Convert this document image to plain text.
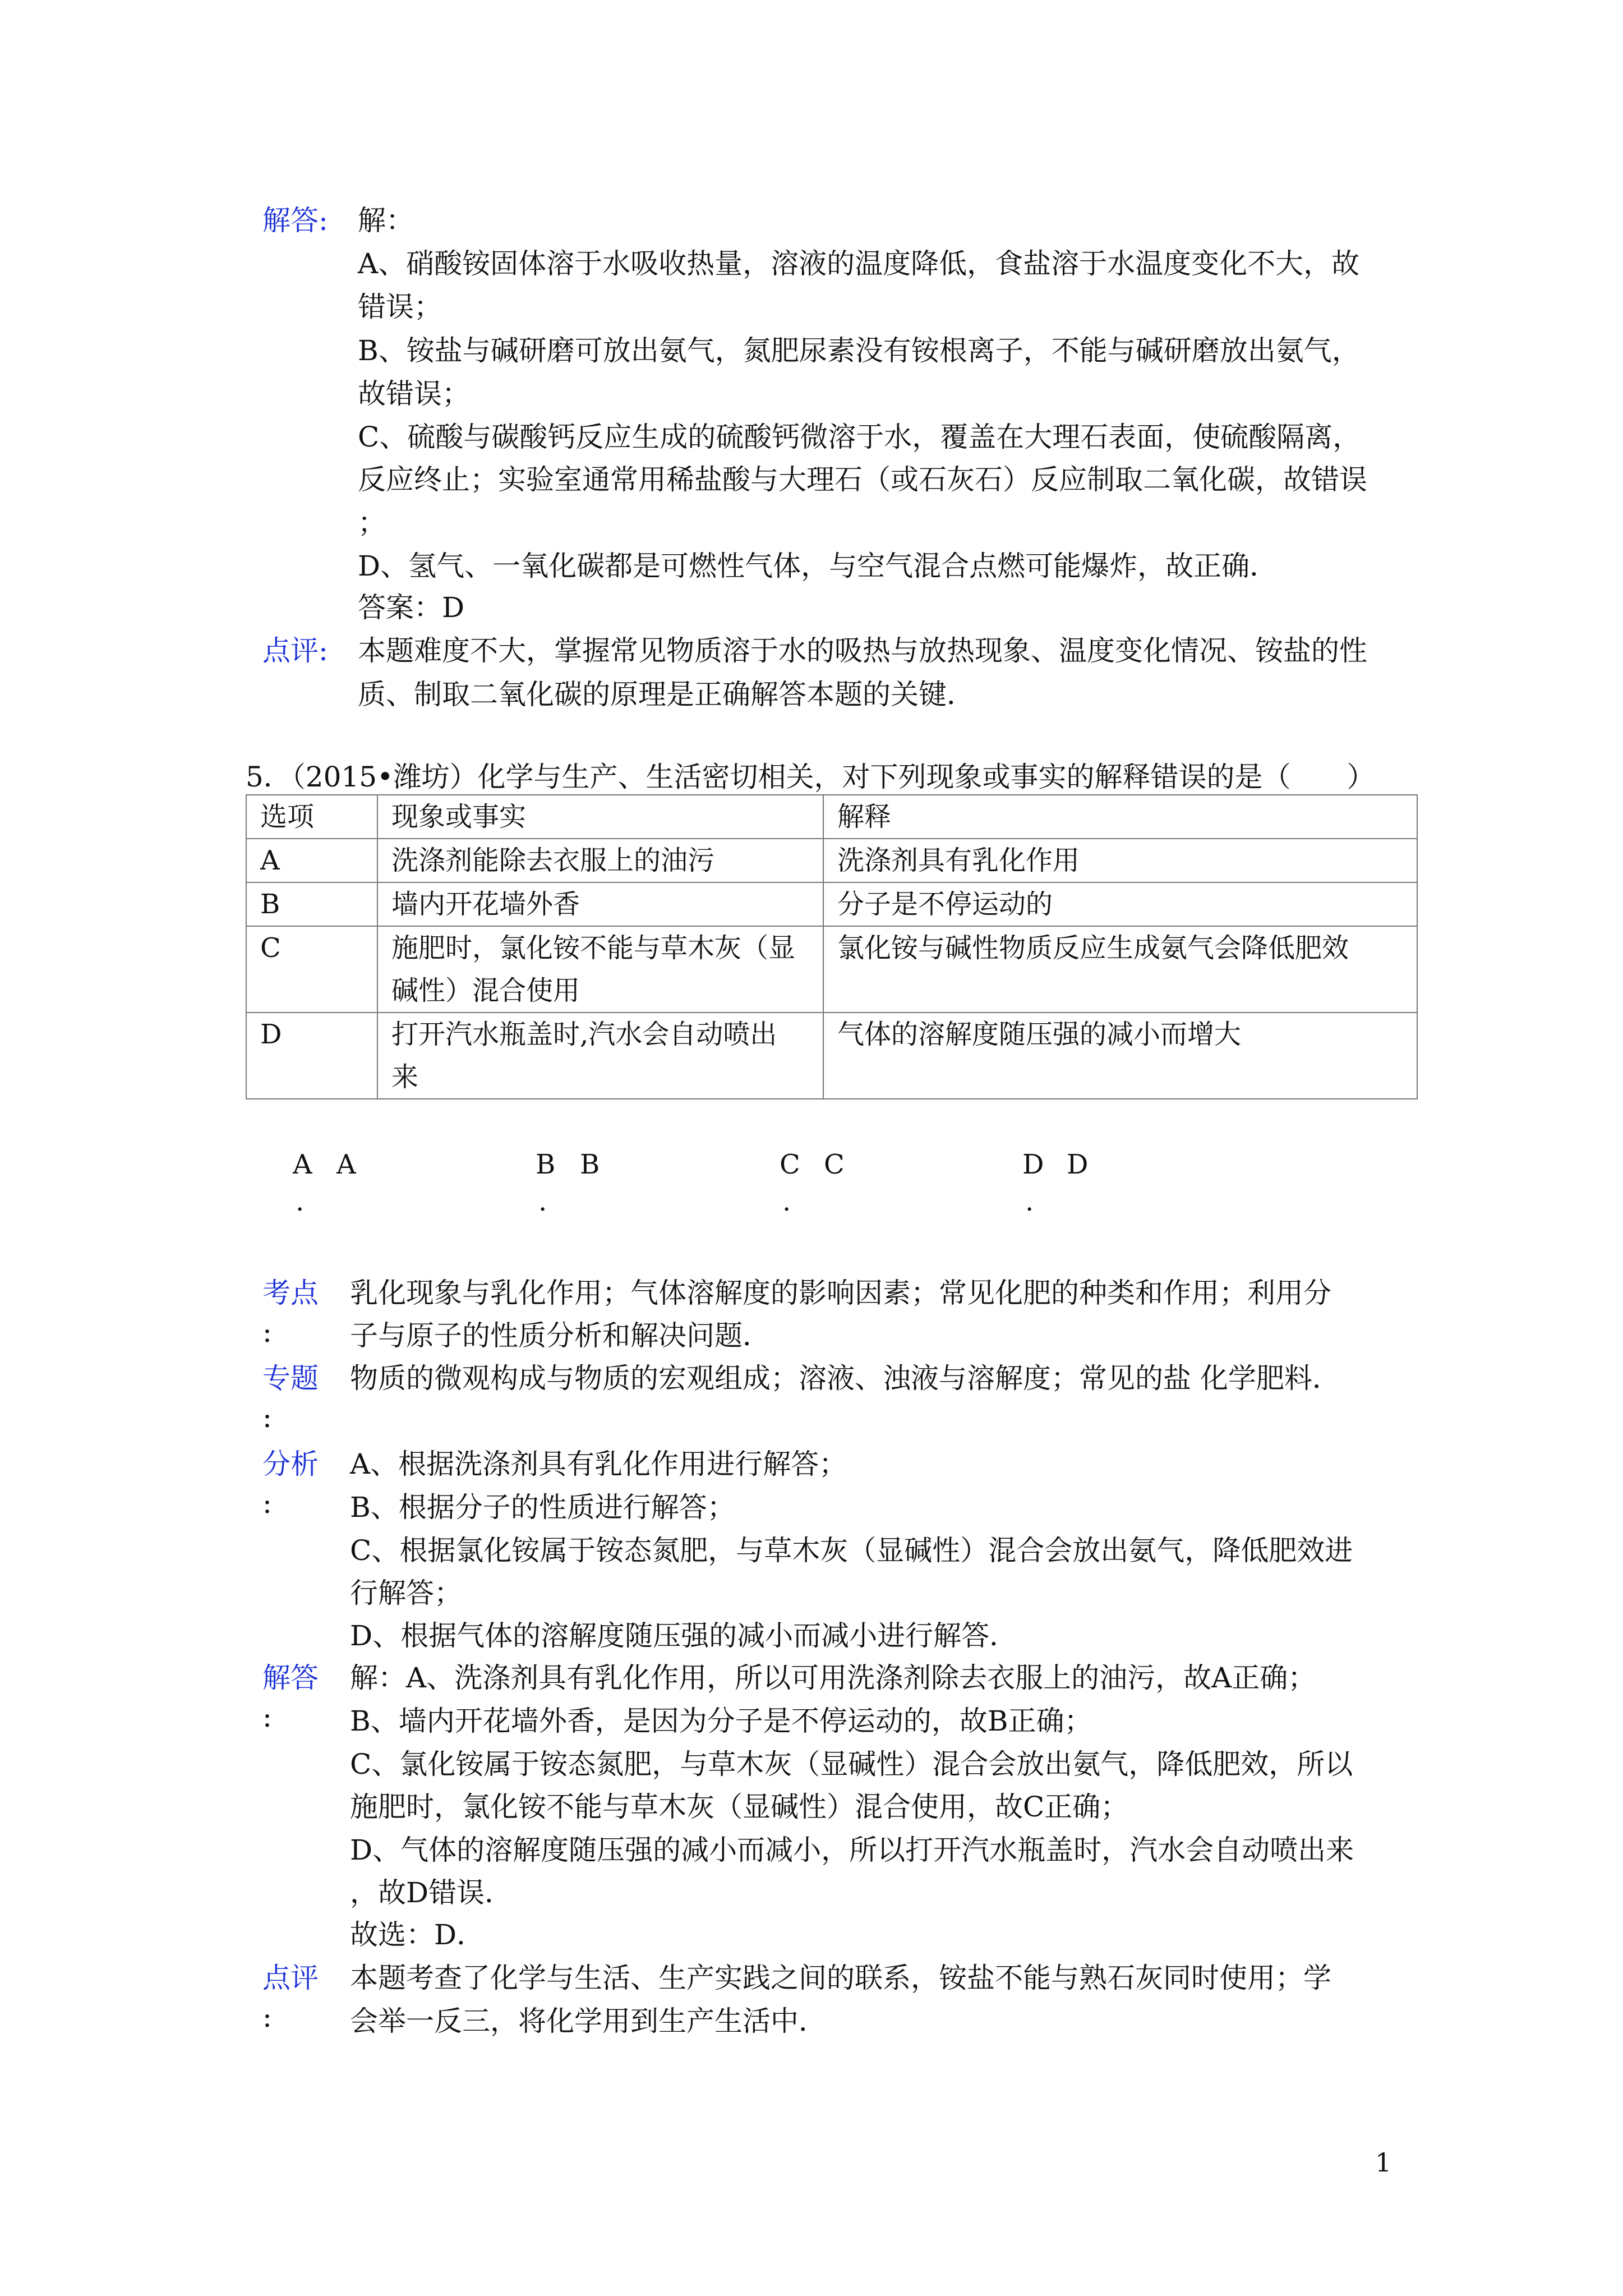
解答: 解：
A、硝酸铵固体溶于水吸收热量，溶液的温度降低，食盐溶于水温度变化不大，故
错误；
B、铵盐与碱研磨可放出氨气，氮肥尿素没有铵根离子，不能与碱研磨放出氨气，
故错误；
C、硫酸与碳酸钙反应生成的硫酸钙微溶于水，覆盖在大理石表面，使硫酸隔离，
反应终止；实验室通常用稀盐酸与大理石（或石灰石）反应制取二氧化碳，故错误
；
D、氢气、一氧化碳都是可燃性气体，与空气混合点燃可能爆炸，故正确．
答案：D
点评: 本题难度不大，掌握常见物质溶于水的吸热与放热现象、温度变化情况、铵盐的性
质、制取二氧化碳的原理是正确解答本题的关键．
5．（2015•潍坊）化学与生产、生活密切相关，对下列现象或事实的解释错误的是（　　）
选项	现象或事实	解释
A	洗涤剂能除去衣服上的油污	洗涤剂具有乳化作用
B	墙内开花墙外香	分子是不停运动的
C	施肥时，氯化铵不能与草木灰（显
碱性）混合使用	氯化铵与碱性物质反应生成氨气会降低肥效
D	打开汽水瓶盖时,汽水会自动喷出
来	气体的溶解度随压强的减小而增大
A A
.
B B
.
C C
.
D D
.
考点
:
乳化现象与乳化作用；气体溶解度的影响因素；常见化肥的种类和作用；利用分
子与原子的性质分析和解决问题．
专题
:
物质的微观构成与物质的宏观组成；溶液、浊液与溶解度；常见的盐 化学肥料．
分析
:
A、根据洗涤剂具有乳化作用进行解答；
B、根据分子的性质进行解答；
C、根据氯化铵属于铵态氮肥，与草木灰（显碱性）混合会放出氨气，降低肥效进
行解答；
D、根据气体的溶解度随压强的减小而减小进行解答．
解答
:
解：A、洗涤剂具有乳化作用，所以可用洗涤剂除去衣服上的油污，故A正确；
B、墙内开花墙外香，是因为分子是不停运动的，故B正确；
C、氯化铵属于铵态氮肥，与草木灰（显碱性）混合会放出氨气，降低肥效，所以
施肥时，氯化铵不能与草木灰（显碱性）混合使用，故C正确；
D、气体的溶解度随压强的减小而减小，所以打开汽水瓶盖时，汽水会自动喷出来
，故D错误．
故选：D．
点评
:
本题考查了化学与生活、生产实践之间的联系，铵盐不能与熟石灰同时使用；学
会举一反三，将化学用到生产生活中．
1
